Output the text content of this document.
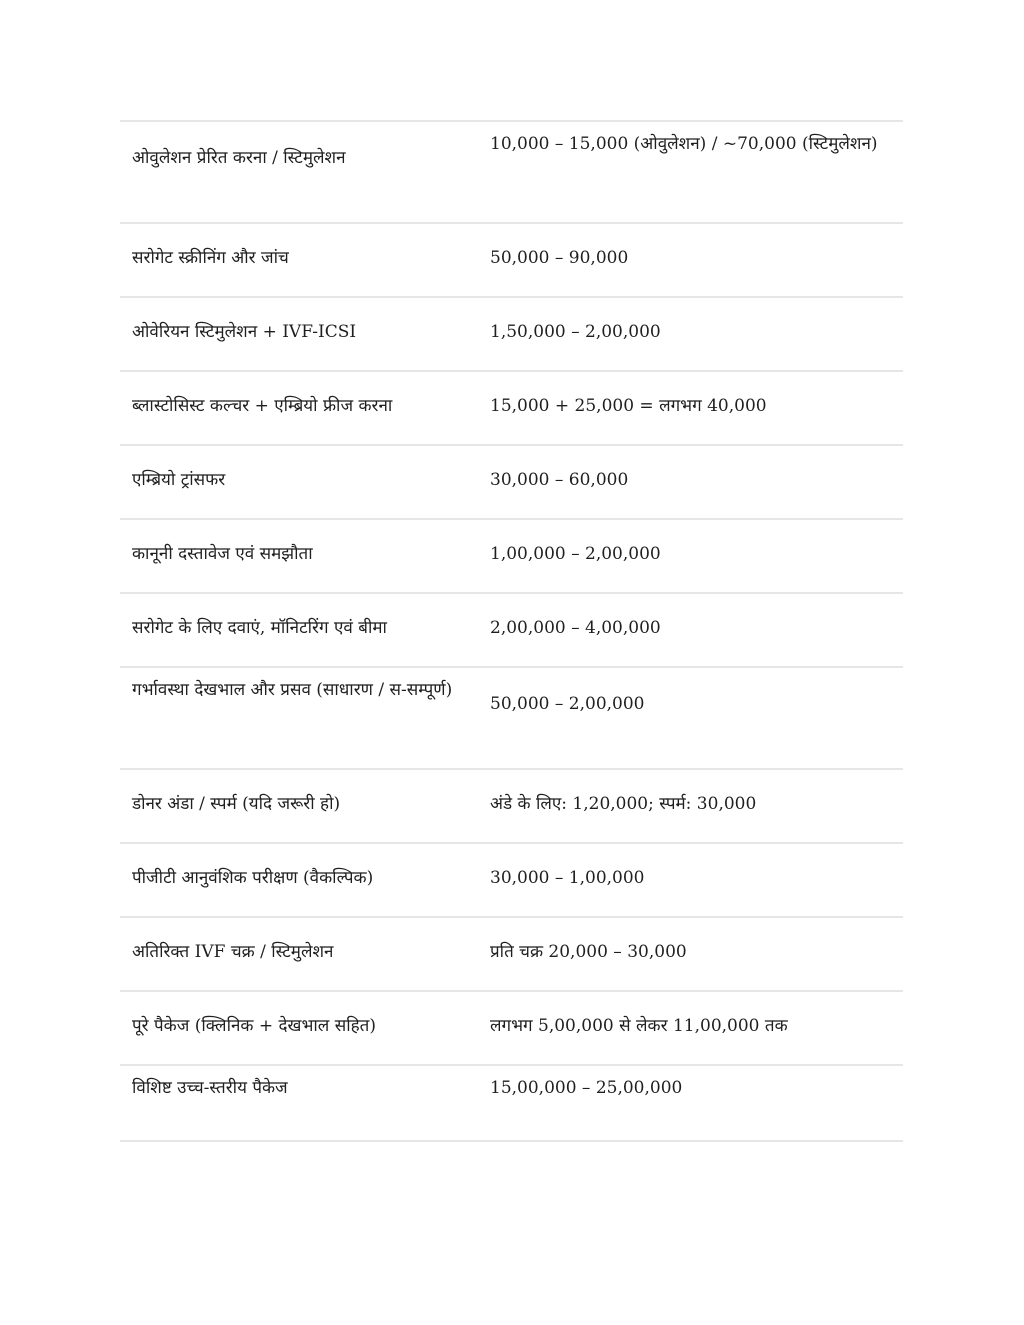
ओवुलेशन प्रेरित करना / स्टिमुलेशन	10,000 – 15,000 (ओवुलेशन) / ~70,000 (स्टिमुलेशन)
सरोगेट स्क्रीनिंग और जांच	50,000 – 90,000
ओवेरियन स्टिमुलेशन + IVF-ICSI	1,50,000 – 2,00,000
ब्लास्टोसिस्ट कल्चर + एम्ब्रियो फ्रीज करना	15,000 + 25,000 = लगभग 40,000
एम्ब्रियो ट्रांसफर	30,000 – 60,000
कानूनी दस्तावेज एवं समझौता	1,00,000 – 2,00,000
सरोगेट के लिए दवाएं, मॉनिटरिंग एवं बीमा	2,00,000 – 4,00,000
गर्भावस्था देखभाल और प्रसव (साधारण / स-सम्पूर्ण)	50,000 – 2,00,000
डोनर अंडा / स्पर्म (यदि जरूरी हो)	अंडे के लिए: 1,20,000; स्पर्म: 30,000
पीजीटी आनुवंशिक परीक्षण (वैकल्पिक)	30,000 – 1,00,000
अतिरिक्त IVF चक्र / स्टिमुलेशन	प्रति चक्र 20,000 – 30,000
पूरे पैकेज (क्लिनिक + देखभाल सहित)	लगभग 5,00,000 से लेकर 11,00,000 तक
विशिष्ट उच्च-स्तरीय पैकेज	15,00,000 – 25,00,000
